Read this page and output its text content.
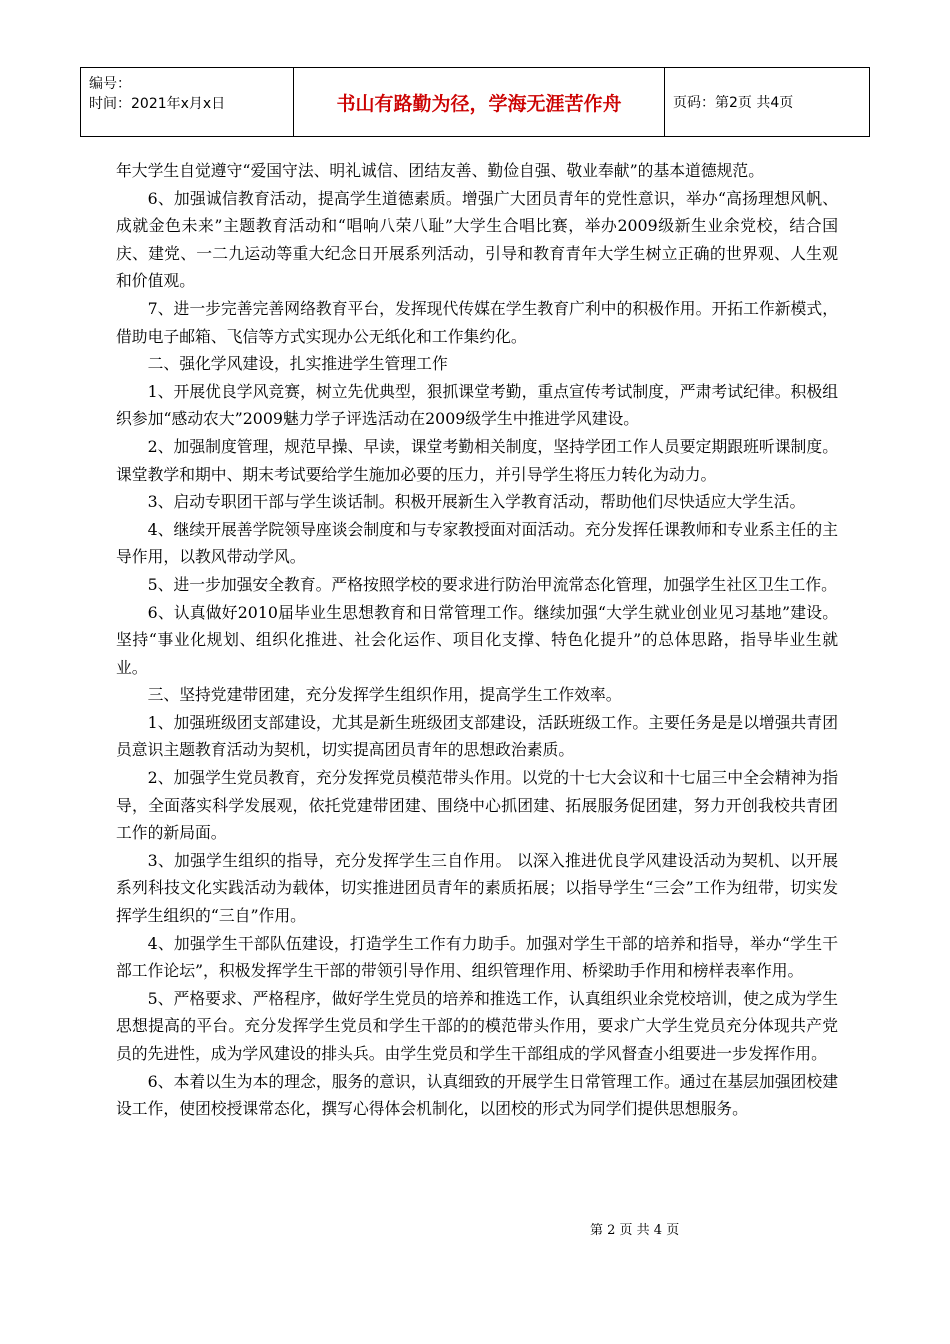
编号：
时间：2021年x月x日	书山有路勤为径，学海无涯苦作舟	页码：第2页 共4页

年大学生自觉遵守“爱国守法、明礼诚信、团结友善、勤俭自强、敬业奉献”的基本道德规范。

6、加强诚信教育活动，提高学生道德素质。增强广大团员青年的党性意识，举办“高扬理想风帆、成就金色未来”主题教育活动和“唱响八荣八耻”大学生合唱比赛，举办2009级新生业余党校，结合国庆、建党、一二九运动等重大纪念日开展系列活动，引导和教育青年大学生树立正确的世界观、人生观和价值观。

7、进一步完善完善网络教育平台，发挥现代传媒在学生教育广利中的积极作用。开拓工作新模式，借助电子邮箱、飞信等方式实现办公无纸化和工作集约化。

二、强化学风建设，扎实推进学生管理工作

1、开展优良学风竞赛，树立先优典型，狠抓课堂考勤，重点宣传考试制度，严肃考试纪律。积极组织参加“感动农大”2009魅力学子评选活动在2009级学生中推进学风建设。

2、加强制度管理，规范早操、早读，课堂考勤相关制度，坚持学团工作人员要定期跟班听课制度。课堂教学和期中、期末考试要给学生施加必要的压力，并引导学生将压力转化为动力。

3、启动专职团干部与学生谈话制。积极开展新生入学教育活动，帮助他们尽快适应大学生活。

4、继续开展善学院领导座谈会制度和与专家教授面对面活动。充分发挥任课教师和专业系主任的主导作用，以教风带动学风。

5、进一步加强安全教育。严格按照学校的要求进行防治甲流常态化管理，加强学生社区卫生工作。

6、认真做好2010届毕业生思想教育和日常管理工作。继续加强“大学生就业创业见习基地”建设。坚持“事业化规划、组织化推进、社会化运作、项目化支撑、特色化提升”的总体思路，指导毕业生就业。

三、坚持党建带团建，充分发挥学生组织作用，提高学生工作效率。

1、加强班级团支部建设，尤其是新生班级团支部建设，活跃班级工作。主要任务是是以增强共青团员意识主题教育活动为契机，切实提高团员青年的思想政治素质。

2、加强学生党员教育，充分发挥党员模范带头作用。以党的十七大会议和十七届三中全会精神为指导，全面落实科学发展观，依托党建带团建、围绕中心抓团建、拓展服务促团建，努力开创我校共青团工作的新局面。

3、加强学生组织的指导，充分发挥学生三自作用。 以深入推进优良学风建设活动为契机、以开展系列科技文化实践活动为载体，切实推进团员青年的素质拓展；以指导学生“三会”工作为纽带，切实发挥学生组织的“三自”作用。

4、加强学生干部队伍建设，打造学生工作有力助手。加强对学生干部的培养和指导，举办“学生干部工作论坛”，积极发挥学生干部的带领引导作用、组织管理作用、桥梁助手作用和榜样表率作用。

5、严格要求、严格程序，做好学生党员的培养和推选工作，认真组织业余党校培训，使之成为学生思想提高的平台。充分发挥学生党员和学生干部的的模范带头作用，要求广大学生党员充分体现共产党员的先进性，成为学风建设的排头兵。由学生党员和学生干部组成的学风督查小组要进一步发挥作用。

6、本着以生为本的理念，服务的意识，认真细致的开展学生日常管理工作。通过在基层加强团校建设工作，使团校授课常态化，撰写心得体会机制化，以团校的形式为同学们提供思想服务。

第 2 页 共 4 页
